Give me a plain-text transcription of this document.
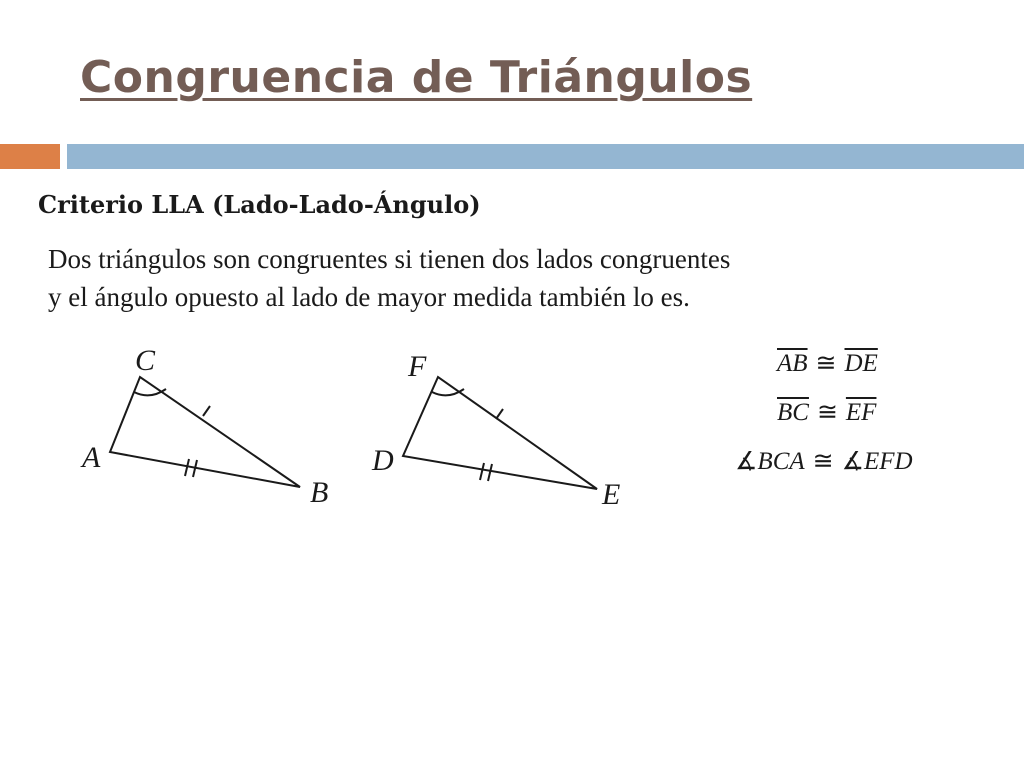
Congruencia de Triángulos
Criterio LLA (Lado-Lado-Ángulo)
Dos triángulos son congruentes si tienen dos lados congruentes
y el ángulo opuesto al lado de mayor medida también lo es.
C
A
B
F
D
E
$\overline{AB}$ ≅ $\overline{DE}$
$\overline{BC}$ ≅ $\overline{EF}$
∡BCA ≅ ∡EFD
